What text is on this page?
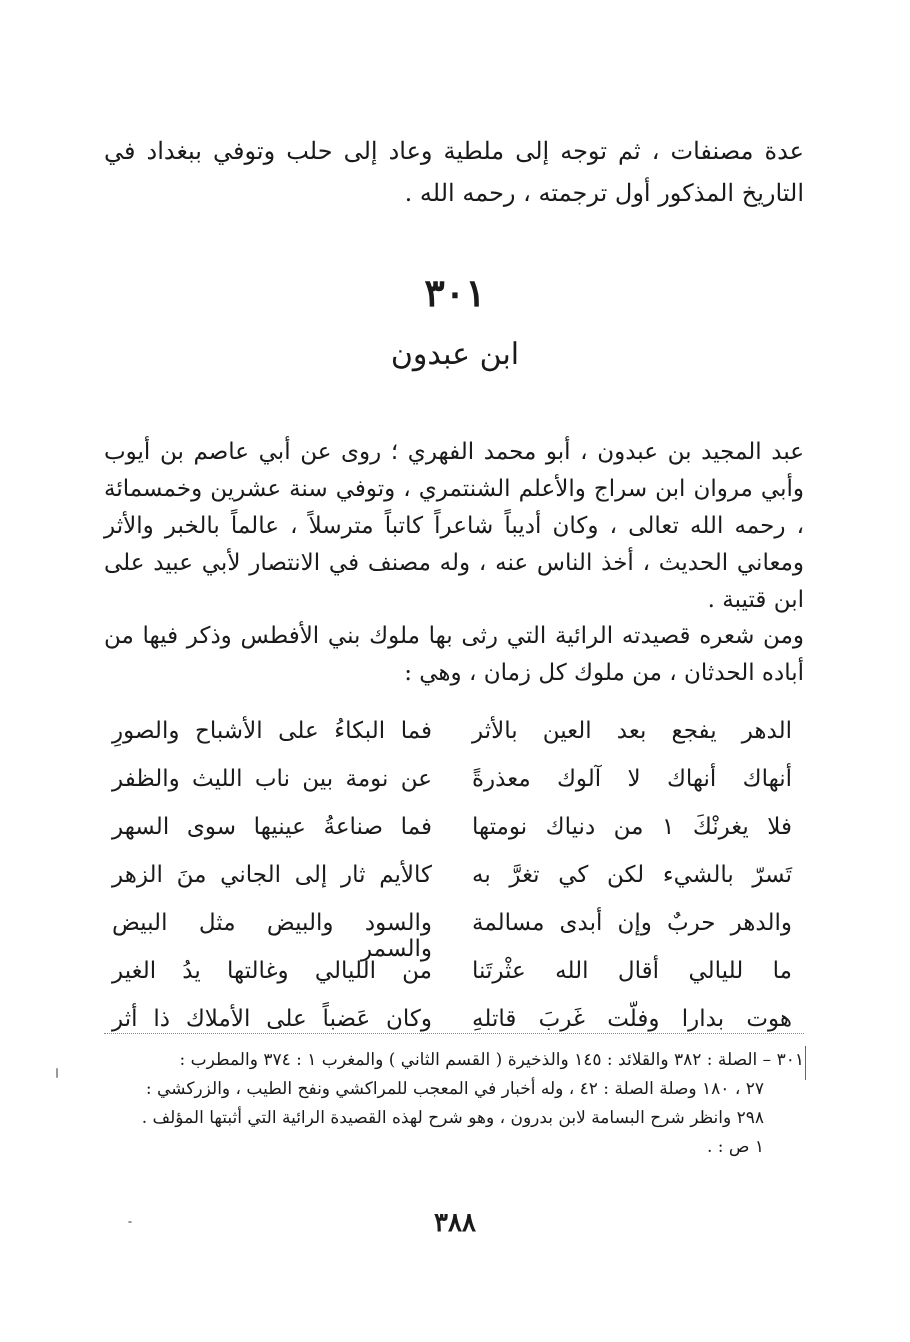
عدة مصنفات ، ثم توجه إلى ملطية وعاد إلى حلب وتوفي ببغداد في التاريخ المذكور أول ترجمته ، رحمه الله .

٣٠١
ابن عبدون

عبد المجيد بن عبدون ، أبو محمد الفهري ؛ روى عن أبي عاصم بن أيوب وأبي مروان ابن سراج والأعلم الشنتمري ، وتوفي سنة عشرين وخمسمائة ، رحمه الله تعالى ، وكان أديباً شاعراً كاتباً مترسلاً ، عالماً بالخبر والأثر ومعاني الحديث ، أخذ الناس عنه ، وله مصنف في الانتصار لأبي عبيد على ابن قتيبة .

ومن شعره قصيدته الرائية التي رثى بها ملوك بني الأفطس وذكر فيها من أباده الحدثان ، من ملوك كل زمان ، وهي :

الدهر يفجع بعد العين بالأثر
فما البكاءُ على الأشباح والصورِ
أنهاك أنهاك لا آلوك معذرةً
عن نومة بين ناب الليث والظفر
فلا يغرنْكَ ١ من دنياك نومتها
فما صناعةُ عينيها سوى السهر
تَسرّ بالشيء لكن كي تغرَّ به
كالأيم ثار إلى الجاني منَ الزهر
والدهر حربٌ وإن أبدى مسالمة
والسود والبيض مثل البيض والسمر
ما لليالي أقال الله عثْرتَنا
من الليالي وغالتها يدُ الغير
هوت بدارا وفلّت غَربَ قاتلهِ
وكان عَضباً على الأملاك ذا أثر
٣٠١ – الصلة : ٣٨٢ والقلائد : ١٤٥ والذخيرة ( القسم الثاني ) والمغرب ١ : ٣٧٤ والمطرب :
٢٧ ، ١٨٠ وصلة الصلة : ٤٢ ، وله أخبار في المعجب للمراكشي ونفح الطيب ، والزركشي :
٢٩٨ وانظر شرح البسامة لابن بدرون ، وهو شرح لهذه القصيدة الرائية التي أثبتها المؤلف .
١ ص : .
٣٨٨
